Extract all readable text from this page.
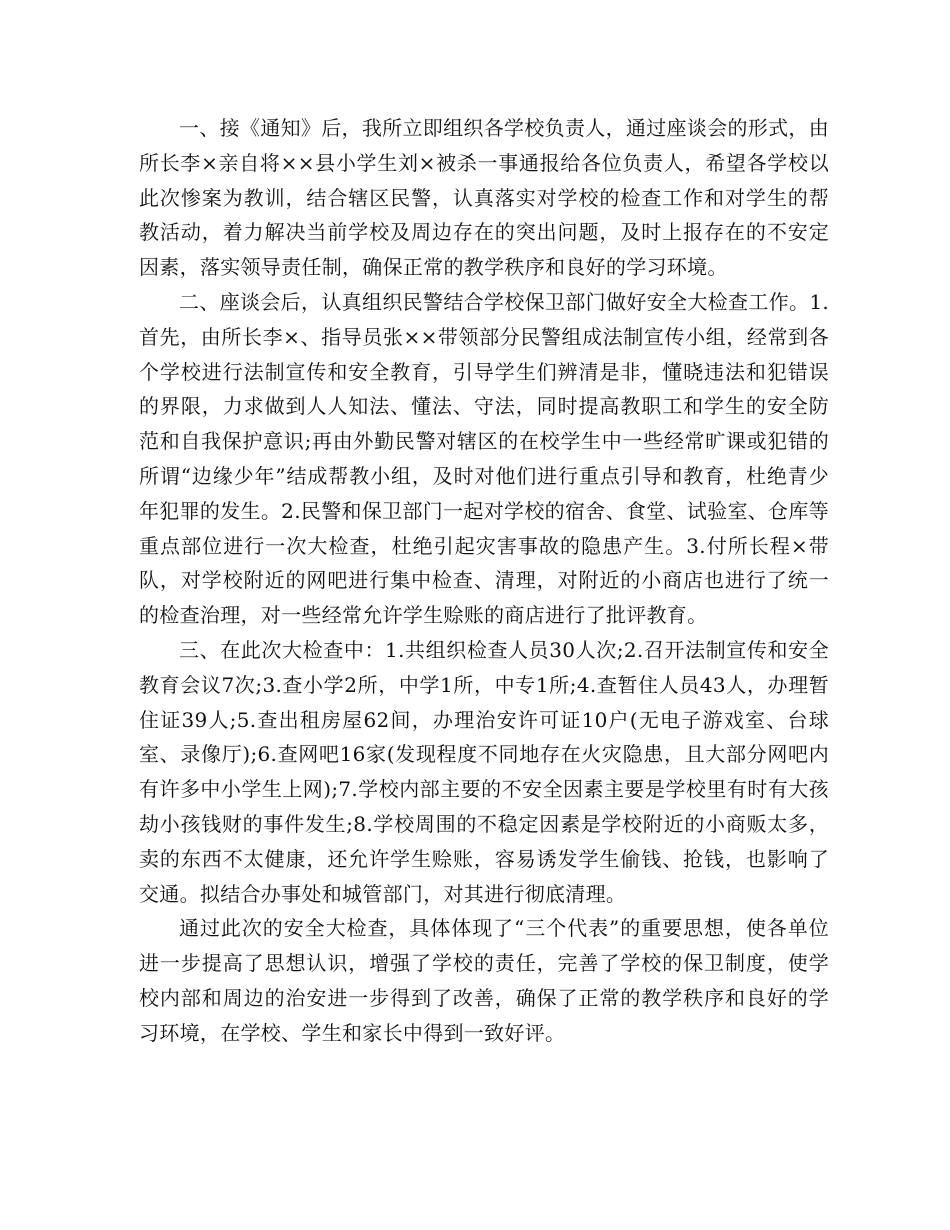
一、接《通知》后，我所立即组织各学校负责人，通过座谈会的形式，由所长李×亲自将××县小学生刘×被杀一事通报给各位负责人，希望各学校以此次惨案为教训，结合辖区民警，认真落实对学校的检查工作和对学生的帮教活动，着力解决当前学校及周边存在的突出问题，及时上报存在的不安定因素，落实领导责任制，确保正常的教学秩序和良好的学习环境。

二、座谈会后，认真组织民警结合学校保卫部门做好安全大检查工作。1.首先，由所长李×、指导员张××带领部分民警组成法制宣传小组，经常到各个学校进行法制宣传和安全教育，引导学生们辨清是非，懂晓违法和犯错误的界限，力求做到人人知法、懂法、守法，同时提高教职工和学生的安全防范和自我保护意识;再由外勤民警对辖区的在校学生中一些经常旷课或犯错的所谓“边缘少年”结成帮教小组，及时对他们进行重点引导和教育，杜绝青少年犯罪的发生。2.民警和保卫部门一起对学校的宿舍、食堂、试验室、仓库等重点部位进行一次大检查，杜绝引起灾害事故的隐患产生。3.付所长程×带队，对学校附近的网吧进行集中检查、清理，对附近的小商店也进行了统一的检查治理，对一些经常允许学生赊账的商店进行了批评教育。

三、在此次大检查中：1.共组织检查人员30人次;2.召开法制宣传和安全教育会议7次;3.查小学2所，中学1所，中专1所;4.查暂住人员43人，办理暂住证39人;5.查出租房屋62间，办理治安许可证10户(无电子游戏室、台球室、录像厅);6.查网吧16家(发现程度不同地存在火灾隐患，且大部分网吧内有许多中小学生上网);7.学校内部主要的不安全因素主要是学校里有时有大孩劫小孩钱财的事件发生;8.学校周围的不稳定因素是学校附近的小商贩太多，卖的东西不太健康，还允许学生赊账，容易诱发学生偷钱、抢钱，也影响了交通。拟结合办事处和城管部门，对其进行彻底清理。

通过此次的安全大检查，具体体现了“三个代表”的重要思想，使各单位进一步提高了思想认识，增强了学校的责任，完善了学校的保卫制度，使学校内部和周边的治安进一步得到了改善，确保了正常的教学秩序和良好的学习环境，在学校、学生和家长中得到一致好评。
